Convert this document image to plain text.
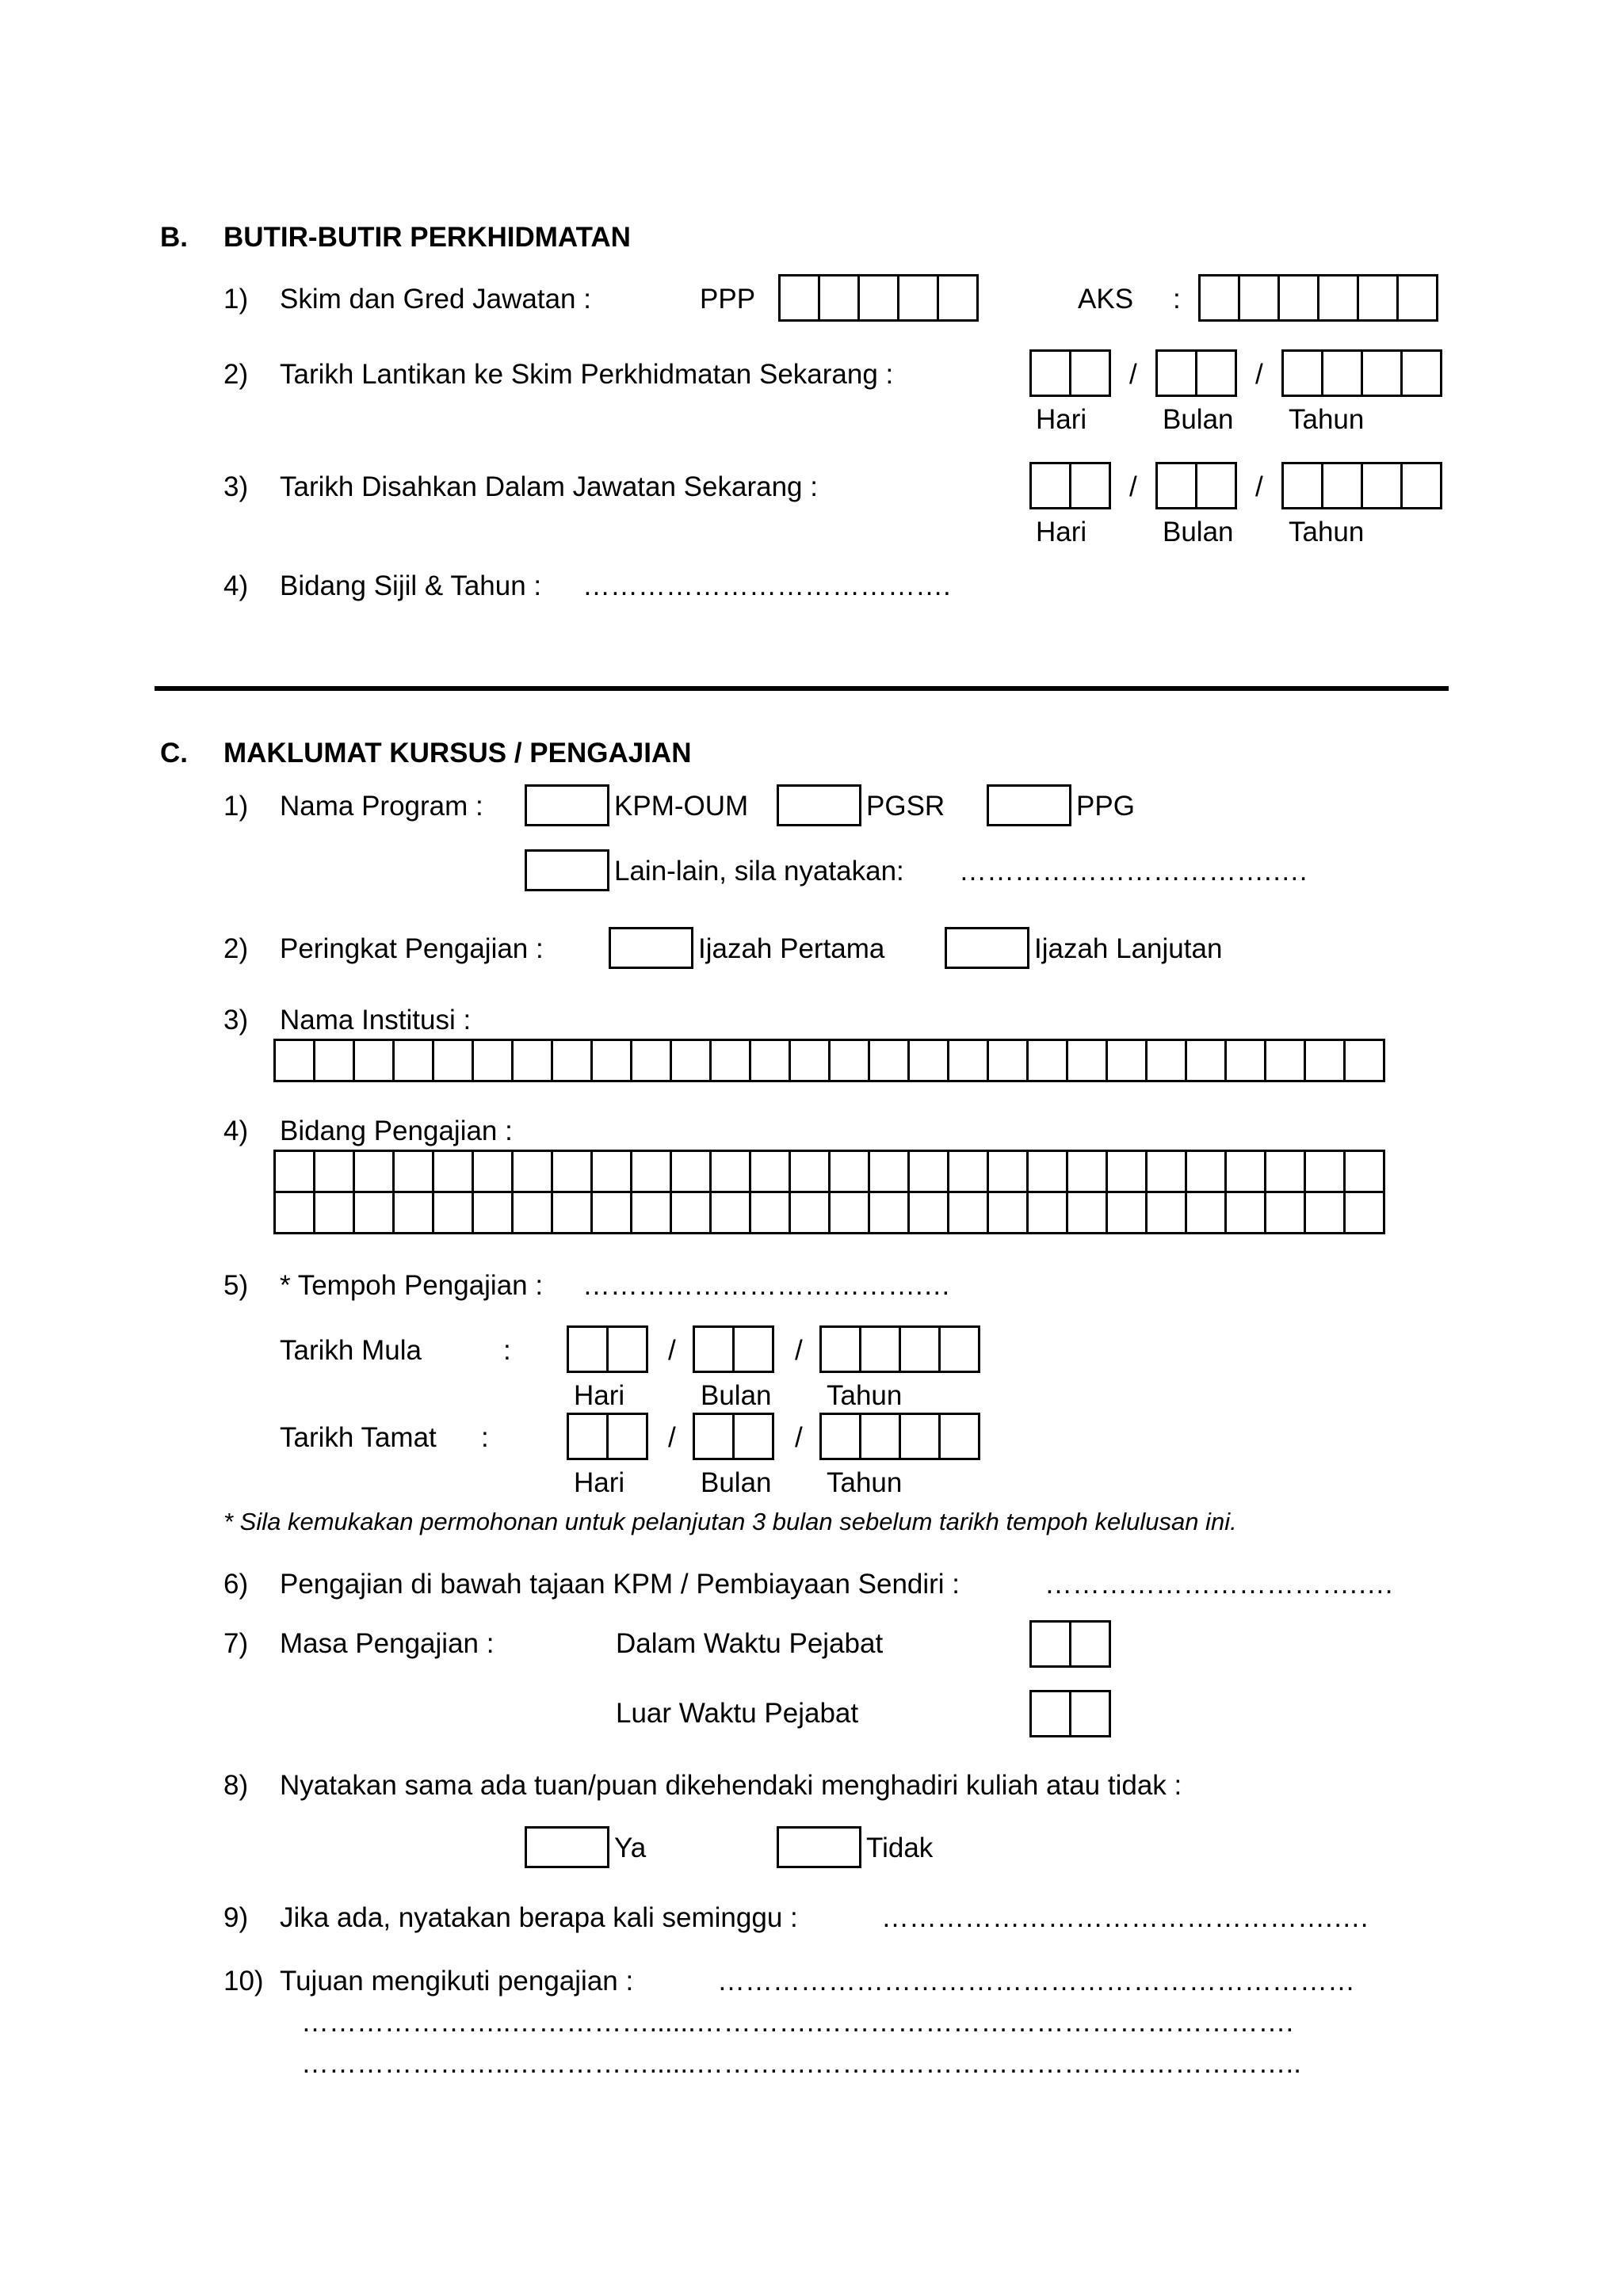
B. BUTIR-BUTIR PERKHIDMATAN
1) Skim dan Gred Jawatan :	PPP	AKS :
2) Tarikh Lantikan ke Skim Perkhidmatan Sekarang :	/	/
Hari	Bulan Tahun
3) Tarikh Disahkan Dalam Jawatan Sekarang :	/	/
Hari	Bulan Tahun
4) Bidang Sijil & Tahun : ………………………………….
C. MAKLUMAT KURSUS / PENGAJIAN
1) Nama Program :	KPM-OUM	PGSR	PPG
Lain-lain, sila nyatakan: …………………………….….
2) Peringkat Pengajian :	Ijazah Pertama	Ijazah Lanjutan
3) Nama Institusi :
4) Bidang Pengajian :
5) * Tempoh Pengajian : ……………………………….…
Tarikh Mula	:	/	/
Hari	Bulan Tahun
Tarikh Tamat :	/	/
Hari	Bulan Tahun
* Sila kemukakan permohonan untuk pelanjutan 3 bulan sebelum tarikh tempoh kelulusan ini.
6) Pengajian di bawah tajaan KPM / Pembiayaan Sendiri :	…………………………….….
7) Masa Pengajian :	Dalam Waktu Pejabat
Luar Waktu Pejabat
8) Nyatakan sama ada tuan/puan dikehendaki menghadiri kuliah atau tidak :
Ya	Tidak
9) Jika ada, nyatakan berapa kali seminggu :	………………………………………….….
10) Tujuan mengikuti pengajian :	……………………………………………………………
…………………..……………......………….…………………………………………….
…………………..……………......………….……………………………………………..
